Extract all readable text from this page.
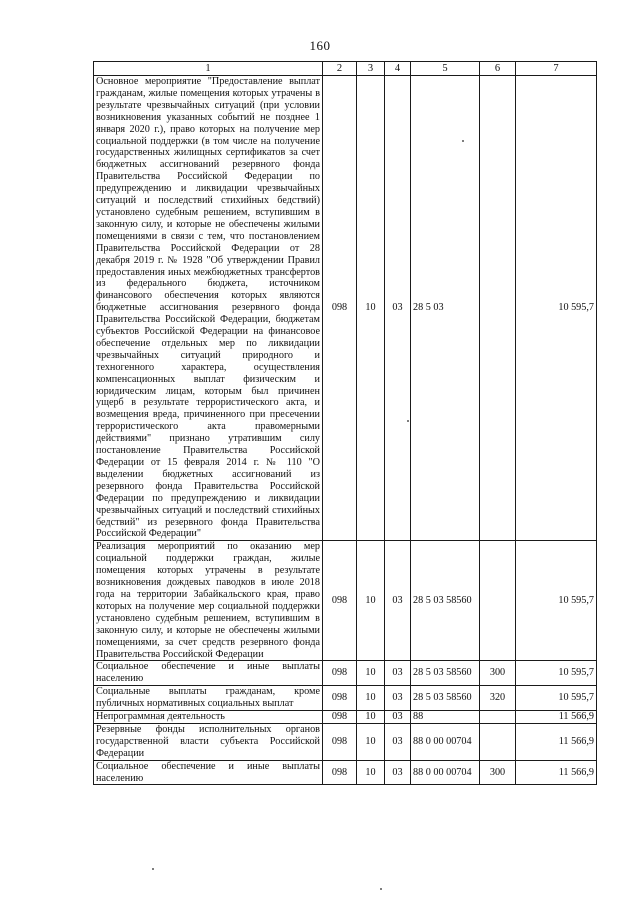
160
1	2	3	4	5	6	7
Основное мероприятие "Предоставление выплат гражданам, жилые помещения которых утрачены в результате чрезвычайных ситуаций (при условии возникновения указанных событий не позднее 1 января 2020 г.), право которых на получение мер социальной поддержки (в том числе на получение государственных жилищных сертификатов за счет бюджетных ассигнований резервного фонда Правительства Российской Федерации по предупреждению и ликвидации чрезвычайных ситуаций и последствий стихийных бедствий) установлено судебным решением, вступившим в законную силу, и которые не обеспечены жилыми помещениями в связи с тем, что постановлением Правительства Российской Федерации от 28 декабря 2019 г. № 1928 "Об утверждении Правил предоставления иных межбюджетных трансфертов из федерального бюджета, источником финансового обеспечения которых являются бюджетные ассигнования резервного фонда Правительства Российской Федерации, бюджетам субъектов Российской Федерации на финансовое обеспечение отдельных мер по ликвидации чрезвычайных ситуаций природного и техногенного характера, осуществления компенсационных выплат физическим и юридическим лицам, которым был причинен ущерб в результате террористического акта, и возмещения вреда, причиненного при пресечении террористического акта правомерными действиями" признано утратившим силу постановление Правительства Российской Федерации от 15 февраля 2014 г. № 110 "О выделении бюджетных ассигнований из резервного фонда Правительства Российской Федерации по предупреждению и ликвидации чрезвычайных ситуаций и последствий стихийных бедствий" из резервного фонда Правительства Российской Федерации"	098	10	03	28 5 03		10 595,7
Реализация мероприятий по оказанию мер социальной поддержки граждан, жилые помещения которых утрачены в результате возникновения дождевых паводков в июле 2018 года на территории Забайкальского края, право которых на получение мер социальной поддержки установлено судебным решением, вступившим в законную силу, и которые не обеспечены жилыми помещениями, за счет средств резервного фонда Правительства Российской Федерации	098	10	03	28 5 03 58560		10 595,7
Социальное обеспечение и иные выплаты населению	098	10	03	28 5 03 58560	300	10 595,7
Социальные выплаты гражданам, кроме публичных нормативных социальных выплат	098	10	03	28 5 03 58560	320	10 595,7
Непрограммная деятельность	098	10	03	88		11 566,9
Резервные фонды исполнительных органов государственной власти субъекта Российской Федерации	098	10	03	88 0 00 00704		11 566,9
Социальное обеспечение и иные выплаты населению	098	10	03	88 0 00 00704	300	11 566,9
